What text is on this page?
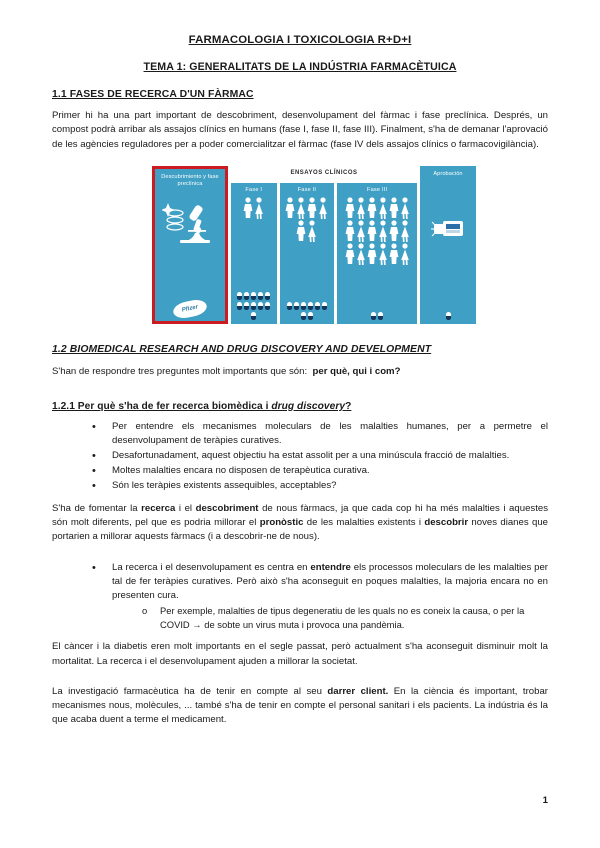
FARMACOLOGIA I TOXICOLOGIA R+D+I
TEMA 1: GENERALITATS DE LA INDÚSTRIA FARMACÈTUICA
1.1 FASES DE RECERCA D'UN FÀRMAC

Primer hi ha una part important de descobriment, desenvolupament del fàrmac i fase preclínica. Després, un compost podrà arribar als assajos clínics en humans (fase I, fase II, fase III). Finalment, s'ha de demanar l'aprovació de les agències reguladores per a poder comercialitzar el fàrmac (fase IV dels assajos clínics o farmacovigilància).

Descubrimiento y fase preclínica
Pfizer
ENSAYOS CLÍNICOS
Fase I	Fase II	Fase III
Aprobación
1.2 BIOMEDICAL RESEARCH AND DRUG DISCOVERY AND DEVELOPMENT

S'han de respondre tres preguntes molt importants que són: per què, qui i com?

1.2.1 Per què s'ha de fer recerca biomèdica i drug discovery?
• Per entendre els mecanismes moleculars de les malalties humanes, per a permetre el desenvolupament de teràpies curatives.
• Desafortunadament, aquest objectiu ha estat assolit per a una minúscula fracció de malalties.
• Moltes malalties encara no disposen de terapèutica curativa.
• Són les teràpies existents assequibles, acceptables?

S'ha de fomentar la recerca i el descobriment de nous fàrmacs, ja que cada cop hi ha més malalties i aquestes són molt diferents, pel que es podria millorar el pronòstic de les malalties existents i descobrir noves dianes que portarien a millorar aquests fàrmacs (i a descobrir-ne de nous).

• La recerca i el desenvolupament es centra en entendre els processos moleculars de les malalties per tal de fer teràpies curatives. Però això s'ha aconseguit en poques malalties, la majoria encara no en presenten cura.
o Per exemple, malalties de tipus degeneratiu de les quals no es coneix la causa, o per la COVID → de sobte un virus muta i provoca una pandèmia.

El càncer i la diabetis eren molt importants en el segle passat, però actualment s'ha aconseguit disminuir molt la mortalitat. La recerca i el desenvolupament ajuden a millorar la societat.

La investigació farmacèutica ha de tenir en compte al seu darrer client. En la ciència és important, trobar mecanismes nous, molècules, ... també s'ha de tenir en compte el personal sanitari i els pacients. La indústria és la que acaba duent a terme el medicament.

1
